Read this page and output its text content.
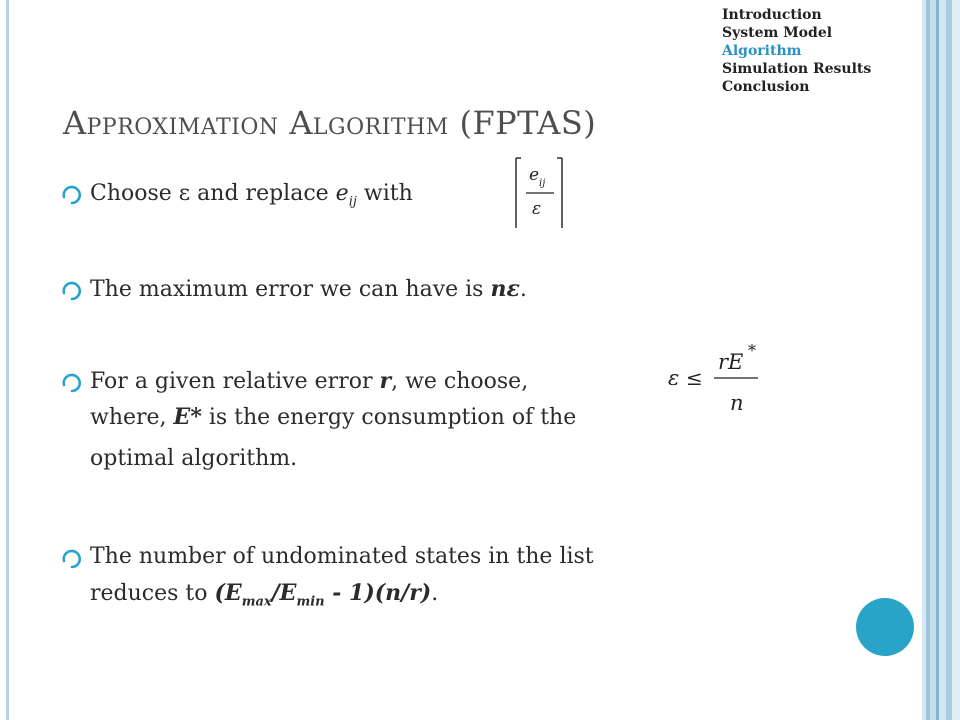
Introduction
System Model
Algorithm
Simulation Results
Conclusion
Approximation Algorithm (FPTAS)
Choose ε and replace $e_{ij}$ with
e ij
ε
The maximum error we can have is nε.
For a given relative error r, we choose,
where, E* is the energy consumption of the
optimal algorithm.
ε ≤
rE *
n
The number of undominated states in the list
reduces to $(E_{max}/E_{min} - 1)(n/r)$.
